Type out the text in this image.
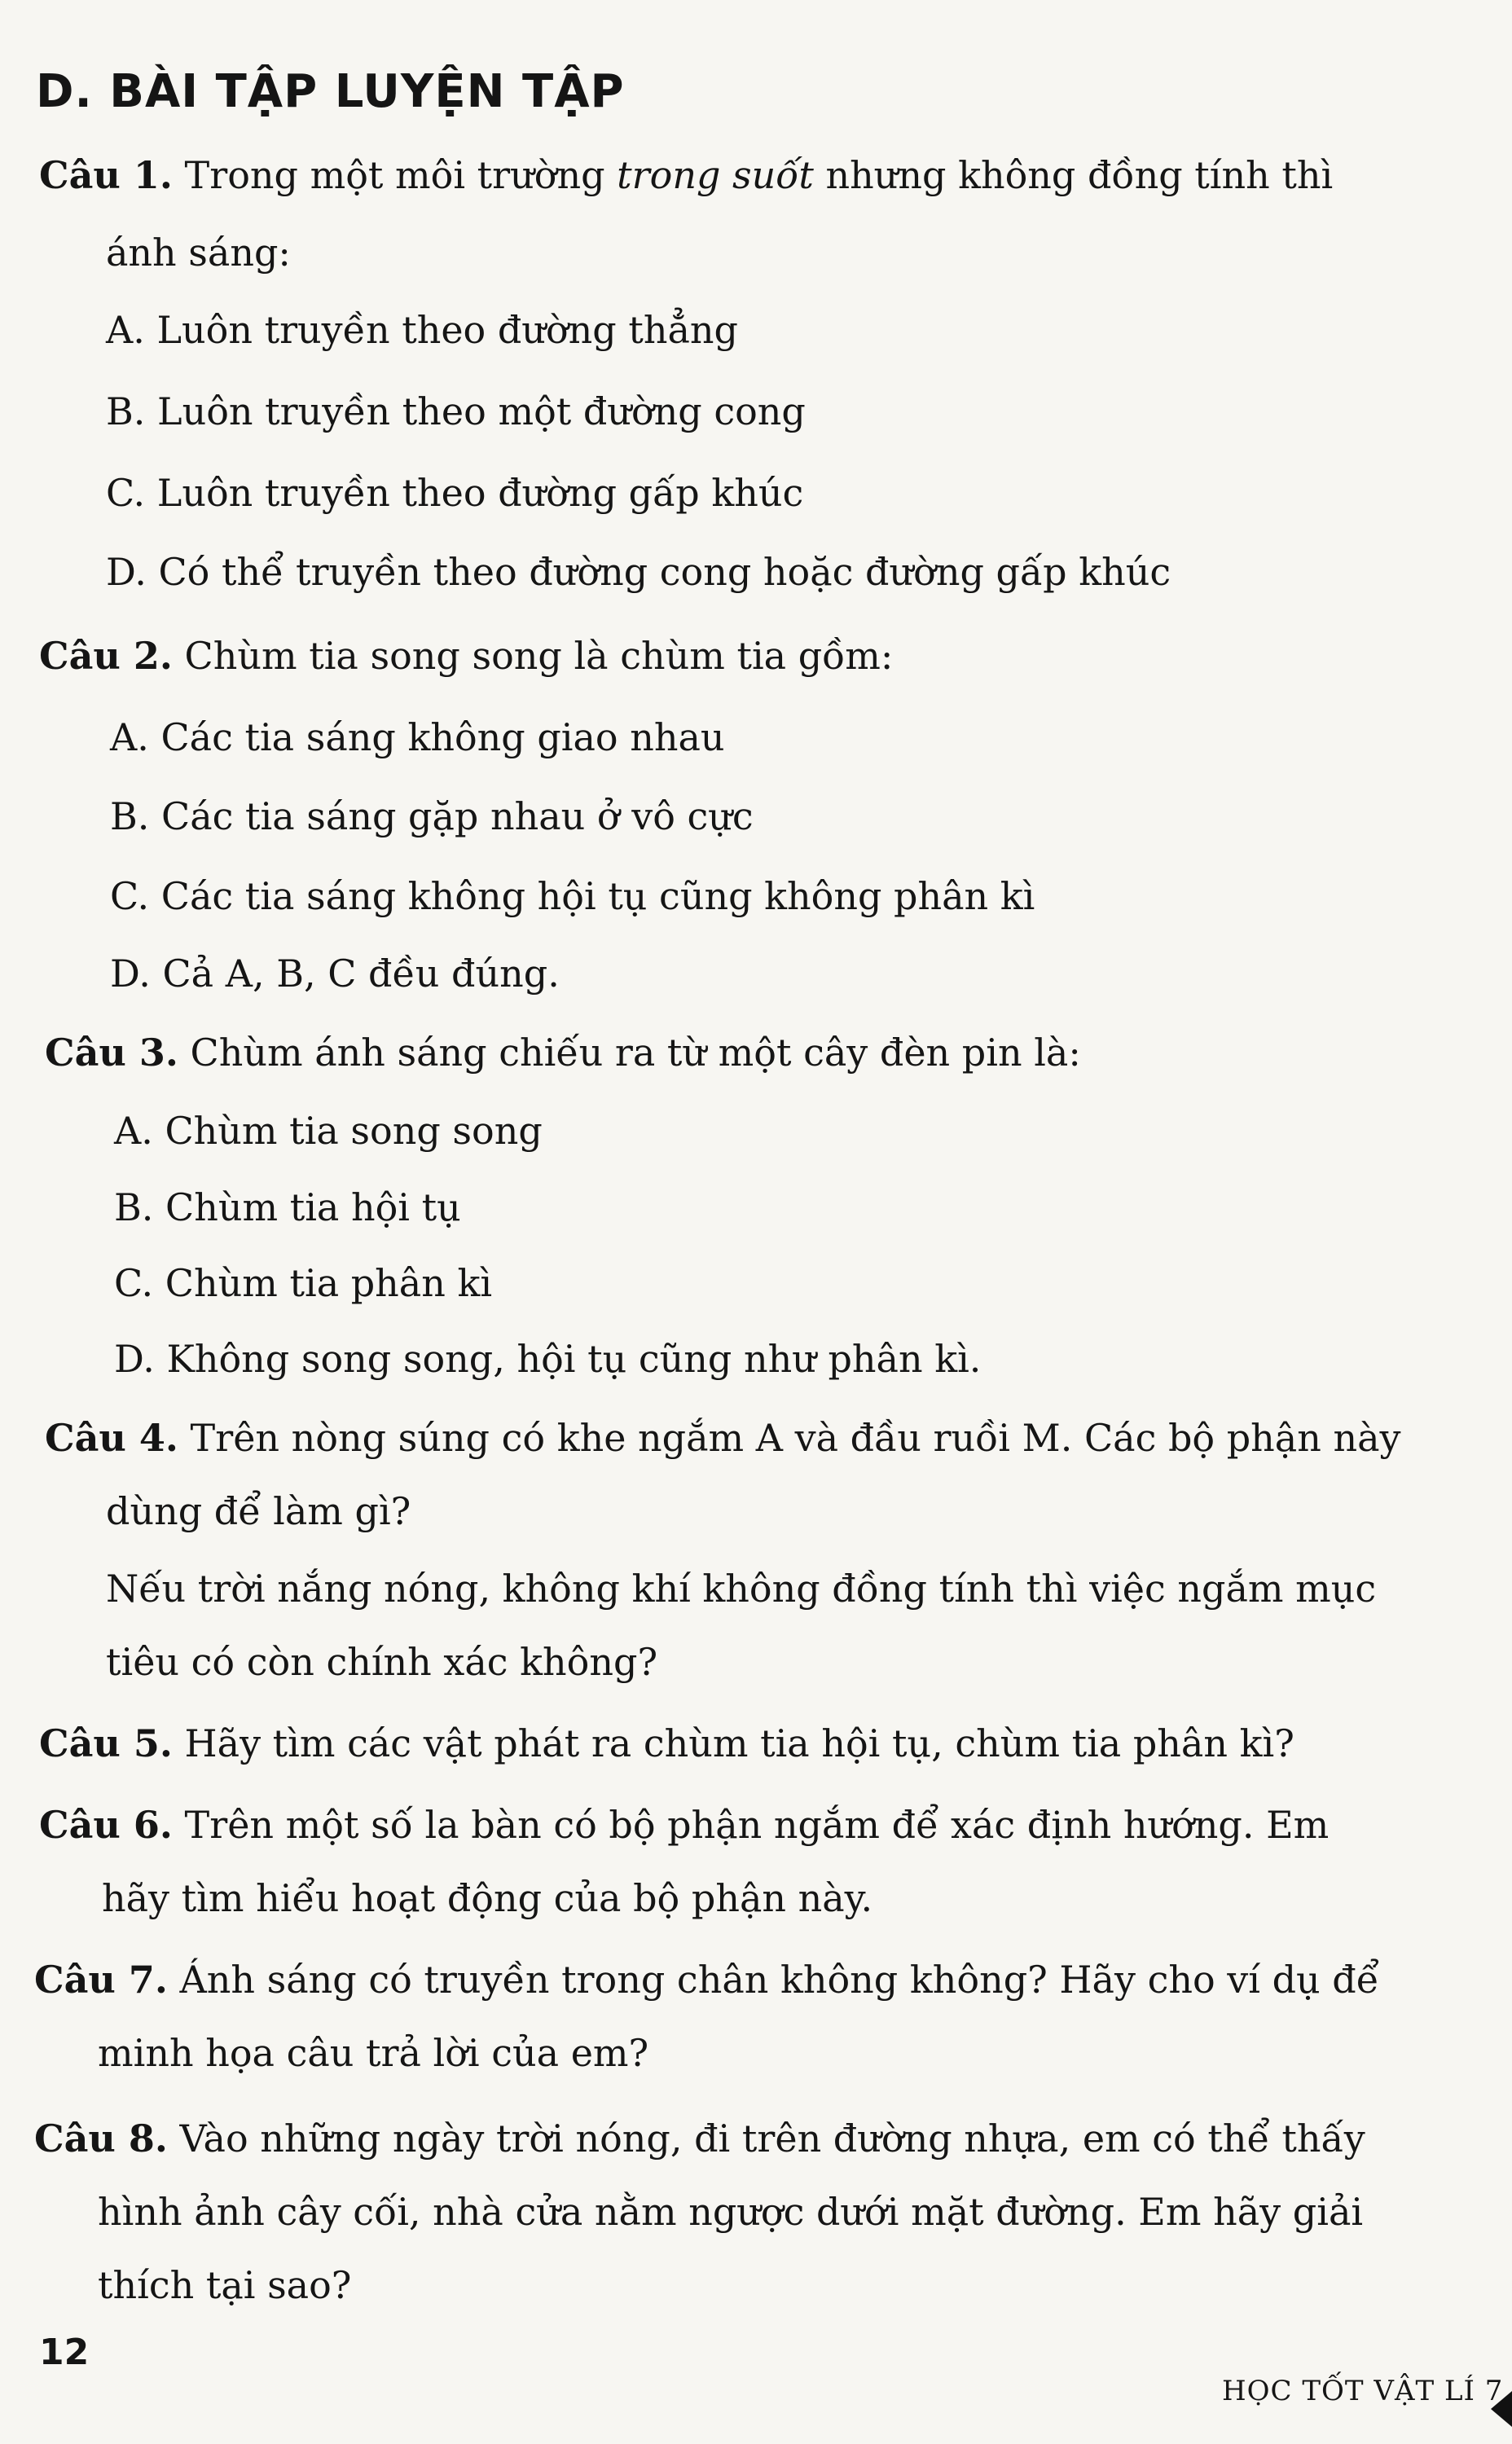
D. BÀI TẬP LUYỆN TẬP
Câu 1. Trong một môi trường trong suốt nhưng không đồng tính thì
ánh sáng:
A. Luôn truyền theo đường thẳng
B. Luôn truyền theo một đường cong
C. Luôn truyền theo đường gấp khúc
D. Có thể truyền theo đường cong hoặc đường gấp khúc
Câu 2. Chùm tia song song là chùm tia gồm:
A. Các tia sáng không giao nhau
B. Các tia sáng gặp nhau ở vô cực
C. Các tia sáng không hội tụ cũng không phân kì
D. Cả A, B, C đều đúng.
Câu 3. Chùm ánh sáng chiếu ra từ một cây đèn pin là:
A. Chùm tia song song
B. Chùm tia hội tụ
C. Chùm tia phân kì
D. Không song song, hội tụ cũng như phân kì.
Câu 4. Trên nòng súng có khe ngắm A và đầu ruồi M. Các bộ phận này
dùng để làm gì?
Nếu trời nắng nóng, không khí không đồng tính thì việc ngắm mục
tiêu có còn chính xác không?
Câu 5. Hãy tìm các vật phát ra chùm tia hội tụ, chùm tia phân kì?
Câu 6. Trên một số la bàn có bộ phận ngắm để xác định hướng. Em
hãy tìm hiểu hoạt động của bộ phận này.
Câu 7. Ánh sáng có truyền trong chân không không? Hãy cho ví dụ để
minh họa câu trả lời của em?
Câu 8. Vào những ngày trời nóng, đi trên đường nhựa, em có thể thấy
hình ảnh cây cối, nhà cửa nằm ngược dưới mặt đường. Em hãy giải
thích tại sao?
12
HỌC TỐT VẬT LÍ 7
